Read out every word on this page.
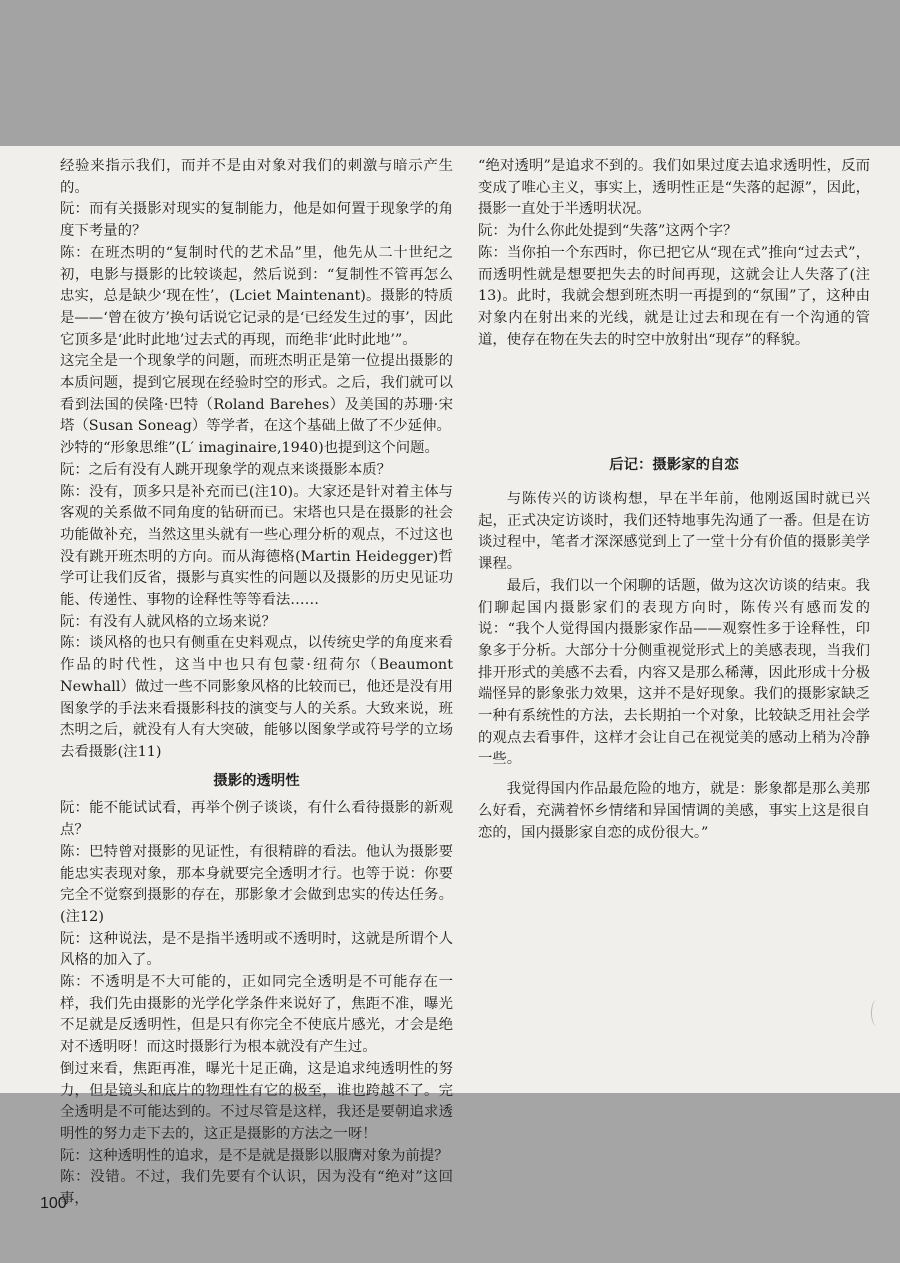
经验来指示我们，而并不是由对象对我们的刺激与暗示产生的。

阮：而有关摄影对现实的复制能力，他是如何置于现象学的角度下考量的？

陈：在班杰明的“复制时代的艺术品”里，他先从二十世纪之初，电影与摄影的比较谈起，然后说到：“复制性不管再怎么忠实，总是缺少‘现在性’，(Lciet Maintenant)。摄影的特质是——‘曾在彼方’换句话说它记录的是‘已经发生过的事’，因此它顶多是‘此时此地’过去式的再现，而绝非‘此时此地’”。

这完全是一个现象学的问题，而班杰明正是第一位提出摄影的本质问题，提到它展现在经验时空的形式。之后，我们就可以看到法国的侯隆·巴特（Roland Barehes）及美国的苏珊·宋塔（Susan Soneag）等学者，在这个基础上做了不少延伸。

沙特的“形象思维”(L′ imaginaire,1940)也提到这个问题。

阮：之后有没有人跳开现象学的观点来谈摄影本质？

陈：没有，顶多只是补充而已(注10)。大家还是针对着主体与客观的关系做不同角度的钻研而已。宋塔也只是在摄影的社会功能做补充，当然这里头就有一些心理分析的观点，不过这也没有跳开班杰明的方向。而从海德格(Martin Heidegger)哲学可让我们反省，摄影与真实性的问题以及摄影的历史见证功能、传递性、事物的诠释性等等看法……

阮：有没有人就风格的立场来说？

陈：谈风格的也只有侧重在史料观点，以传统史学的角度来看作品的时代性，这当中也只有包蒙·纽荷尔（Beaumont Newhall）做过一些不同影象风格的比较而已，他还是没有用图象学的手法来看摄影科技的演变与人的关系。大致来说，班杰明之后，就没有人有大突破，能够以图象学或符号学的立场去看摄影(注11)

摄影的透明性

阮：能不能试试看，再举个例子谈谈，有什么看待摄影的新观点？

陈：巴特曾对摄影的见证性，有很精辟的看法。他认为摄影要能忠实表现对象，那本身就要完全透明才行。也等于说：你要完全不觉察到摄影的存在，那影象才会做到忠实的传达任务。(注12)

阮：这种说法，是不是指半透明或不透明时，这就是所谓个人风格的加入了。

陈：不透明是不大可能的，正如同完全透明是不可能存在一样，我们先由摄影的光学化学条件来说好了，焦距不准，曝光不足就是反透明性，但是只有你完全不使底片感光，才会是绝对不透明呀！而这时摄影行为根本就没有产生过。

倒过来看，焦距再准，曝光十足正确，这是追求纯透明性的努力，但是镜头和底片的物理性有它的极至，谁也跨越不了。完全透明是不可能达到的。不过尽管是这样，我还是要朝追求透明性的努力走下去的，这正是摄影的方法之一呀！

阮：这种透明性的追求，是不是就是摄影以服膺对象为前提？

陈：没错。不过，我们先要有个认识，因为没有“绝对”这回事，

“绝对透明”是追求不到的。我们如果过度去追求透明性，反而变成了唯心主义，事实上，透明性正是“失落的起源”，因此，摄影一直处于半透明状况。

阮：为什么你此处提到“失落”这两个字？

陈：当你拍一个东西时，你已把它从“现在式”推向“过去式”，而透明性就是想要把失去的时间再现，这就会让人失落了(注13)。此时，我就会想到班杰明一再提到的“氛围”了，这种由对象内在射出来的光线，就是让过去和现在有一个沟通的管道，使存在物在失去的时空中放射出“现存”的释貌。

后记：摄影家的自恋

与陈传兴的访谈构想，早在半年前，他刚返国时就已兴起，正式决定访谈时，我们还特地事先沟通了一番。但是在访谈过程中，笔者才深深感觉到上了一堂十分有价值的摄影美学课程。

最后，我们以一个闲聊的话题，做为这次访谈的结束。我们聊起国内摄影家们的表现方向时，陈传兴有感而发的说：“我个人觉得国内摄影家作品——观察性多于诠释性，印象多于分析。大部分十分侧重视觉形式上的美感表现，当我们排开形式的美感不去看，内容又是那么稀薄，因此形成十分极端怪异的影象张力效果，这并不是好现象。我们的摄影家缺乏一种有系统性的方法，去长期拍一个对象，比较缺乏用社会学的观点去看事件，这样才会让自己在视觉美的感动上稍为冷静一些。

我觉得国内作品最危险的地方，就是：影象都是那么美那么好看，充满着怀乡情绪和异国情调的美感，事实上这是很自恋的，国内摄影家自恋的成份很大。”

100
